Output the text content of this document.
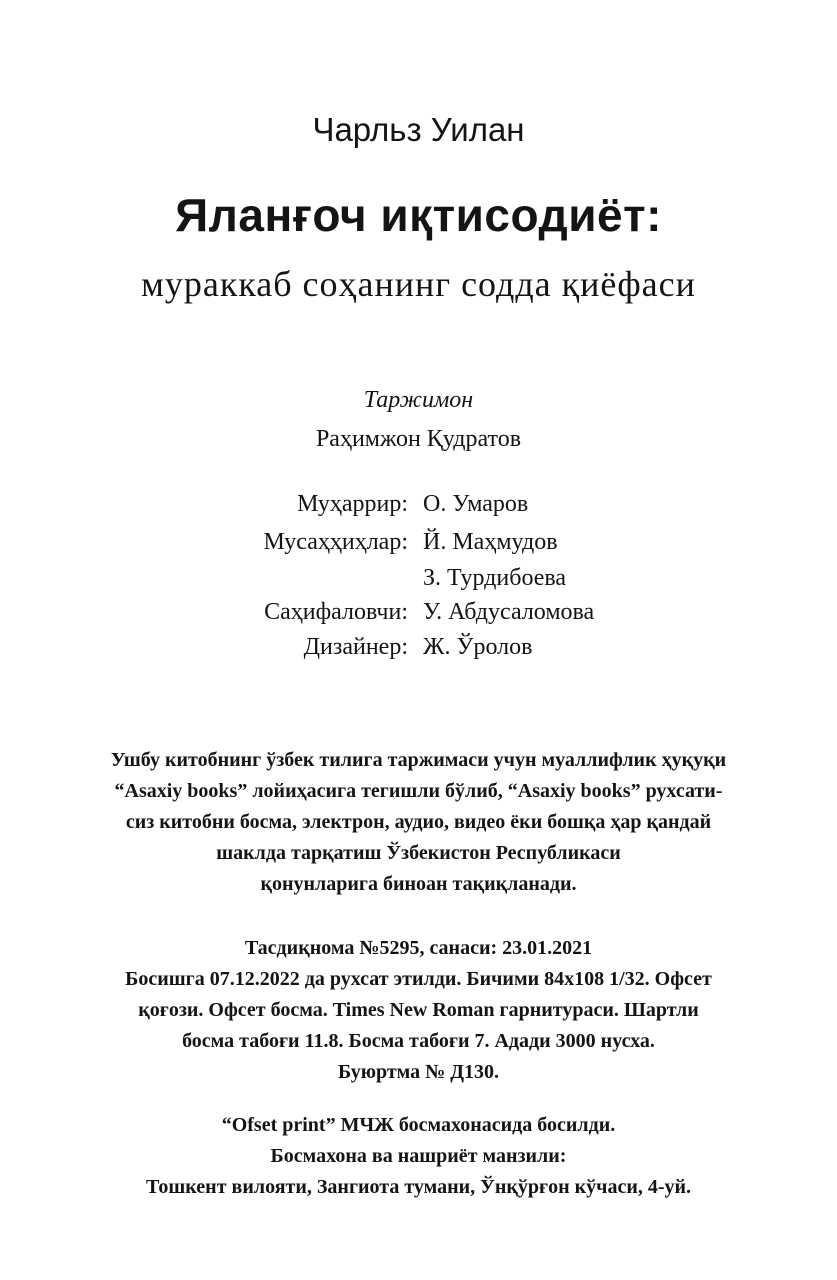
Чарльз Уилан
Яланғоч иқтисодиёт:
мураккаб соҳанинг содда қиёфаси
Таржимон
Раҳимжон Қудратов
Муҳаррир: О. Умаров
Мусаҳҳиҳлар: Й. Маҳмудов
З. Турдибоева
Саҳифаловчи: У. Абдусаломова
Дизайнер: Ж. Ўролов
Ушбу китобнинг ўзбек тилига таржимаси учун муаллифлик ҳуқуқи
“Asaxiy books” лойиҳасига тегишли бўлиб, “Asaxiy books” рухсати-
сиз китобни босма, электрон, аудио, видео ёки бошқа ҳар қандай
шаклда тарқатиш Ўзбекистон Республикаси
қонунларига биноан тақиқланади.
Тасдиқнома №5295, санаси: 23.01.2021
Босишга 07.12.2022 да рухсат этилди. Бичими 84х108 1/32. Офсет
қоғози. Офсет босма. Times New Roman гарнитураси. Шартли
босма табоғи 11.8. Босма табоғи 7. Адади 3000 нусха.
Буюртма № Д130.
“Ofset print” МЧЖ босмахонасида босилди.
Босмахона ва нашриёт манзили:
Тошкент вилояти, Зангиота тумани, Ўнқўрғон кўчаси, 4-уй.
